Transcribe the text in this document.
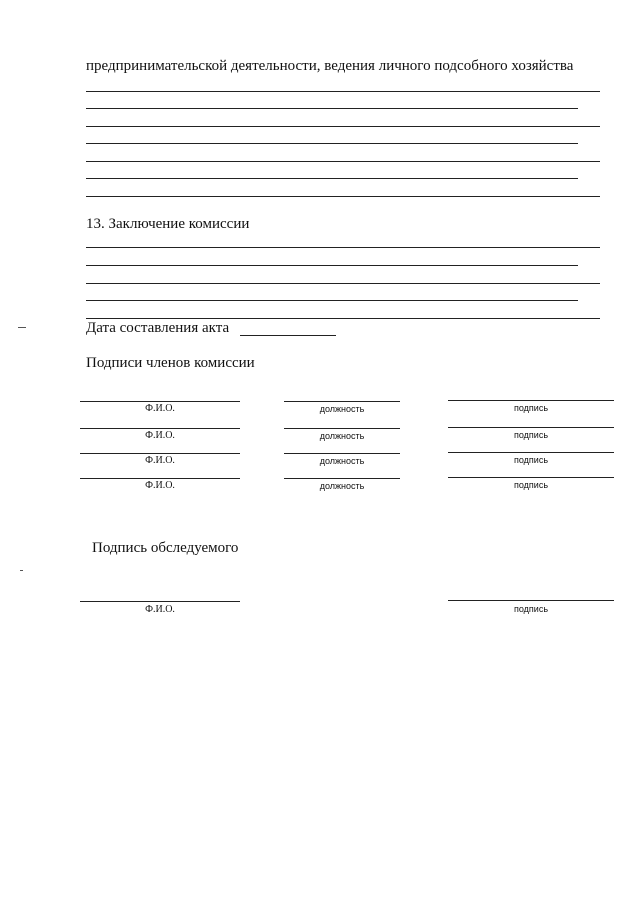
предпринимательской деятельности, ведения личного подсобного хозяйства
13. Заключение комиссии
Дата составления акта
Подписи членов комиссии
Ф.И.О.	должность	подпись
Ф.И.О.	должность	подпись
Ф.И.О.	должность	подпись
Ф.И.О.	должность	подпись
Подпись обследуемого
Ф.И.О.	подпись
